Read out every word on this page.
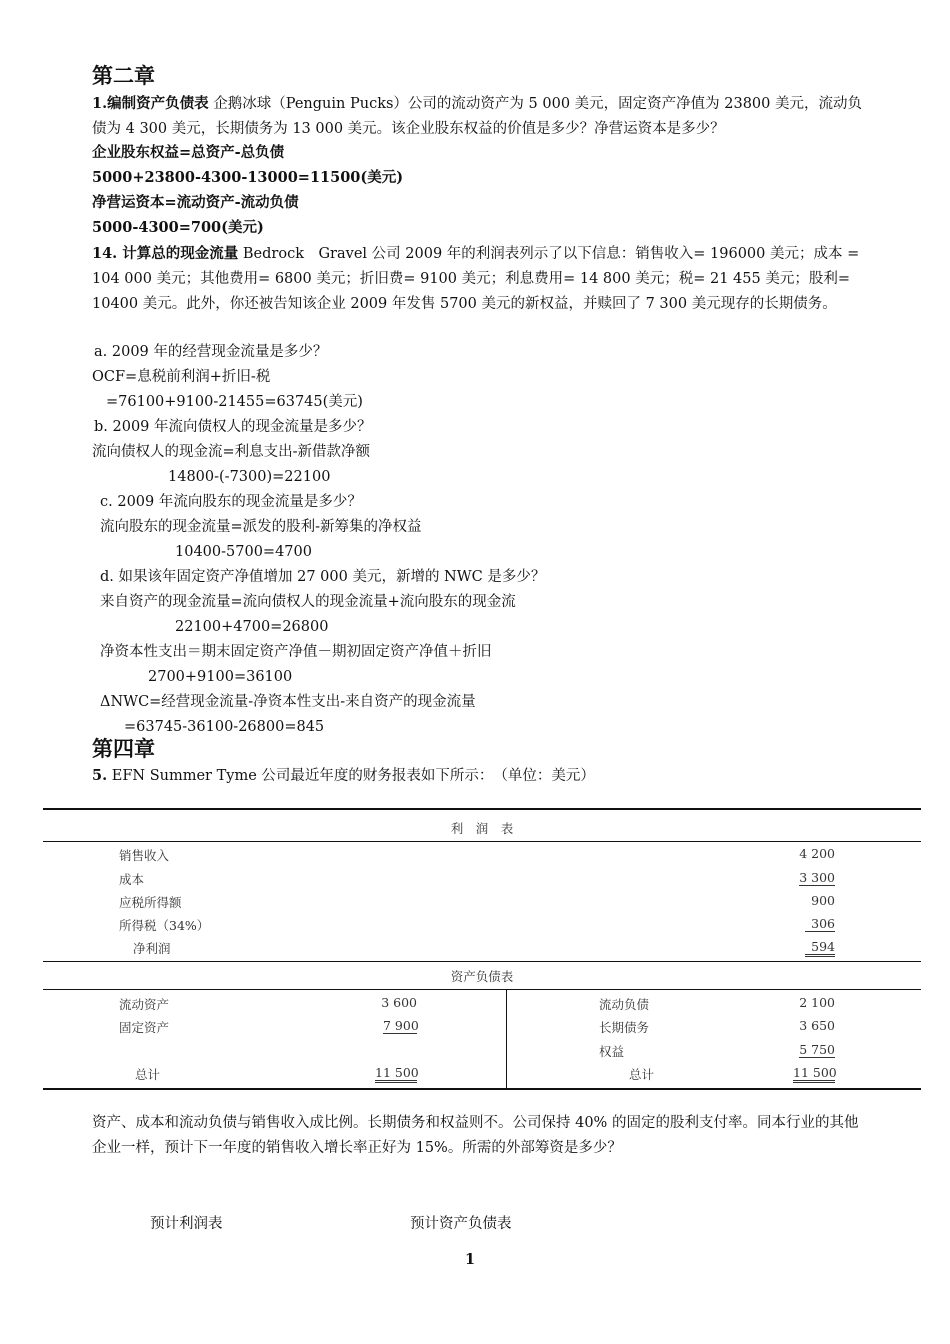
第二章
1.编制资产负债表 企鹅冰球（Penguin Pucks）公司的流动资产为 5 000 美元，固定资产净值为 23800 美元，流动负债为 4 300 美元，长期债务为 13 000 美元。该企业股东权益的价值是多少？净营运资本是多少？
企业股东权益=总资产-总负债
5000+23800-4300-13000=11500(美元)
净营运资本=流动资产-流动负债
5000-4300=700(美元)
14. 计算总的现金流量 Bedrock　Gravel 公司 2009 年的利润表列示了以下信息：销售收入= 196000 美元；成本 = 104 000 美元；其他费用= 6800 美元；折旧费= 9100 美元；利息费用= 14 800 美元；税= 21 455 美元；股利= 10400 美元。此外，你还被告知该企业 2009 年发售 5700 美元的新权益，并赎回了 7 300 美元现存的长期债务。
a. 2009 年的经营现金流量是多少？
OCF=息税前利润+折旧-税
=76100+9100-21455=63745(美元)
b. 2009 年流向债权人的现金流量是多少？
流向债权人的现金流=利息支出-新借款净额
14800-(-7300)=22100
c. 2009 年流向股东的现金流量是多少？
流向股东的现金流量=派发的股利-新筹集的净权益
10400-5700=4700
d. 如果该年固定资产净值增加 27 000 美元，新增的 NWC 是多少？
来自资产的现金流量=流向债权人的现金流量+流向股东的现金流
22100+4700=26800
净资本性支出＝期末固定资产净值－期初固定资产净值＋折旧
2700+9100=36100
ΔNWC=经营现金流量-净资本性支出-来自资产的现金流量
=63745-36100-26800=845
第四章
5. EFN Summer Tyme 公司最近年度的财务报表如下所示：　（单位：美元）
利　润　表
销售收入	4 200
成本	3 300
应税所得额	900
所得税（34%）	306
净利润	594
资产负债表
流动资产	3 600
固定资产	7 900
总计	11 500
流动负债	2 100
长期债务	3 650
权益	5 750
总计	11 500
资产、成本和流动负债与销售收入成比例。长期债务和权益则不。公司保持 40% 的固定的股利支付率。同本行业的其他企业一样，预计下一年度的销售收入增长率正好为 15%。所需的外部筹资是多少？
预计利润表	预计资产负债表
1
